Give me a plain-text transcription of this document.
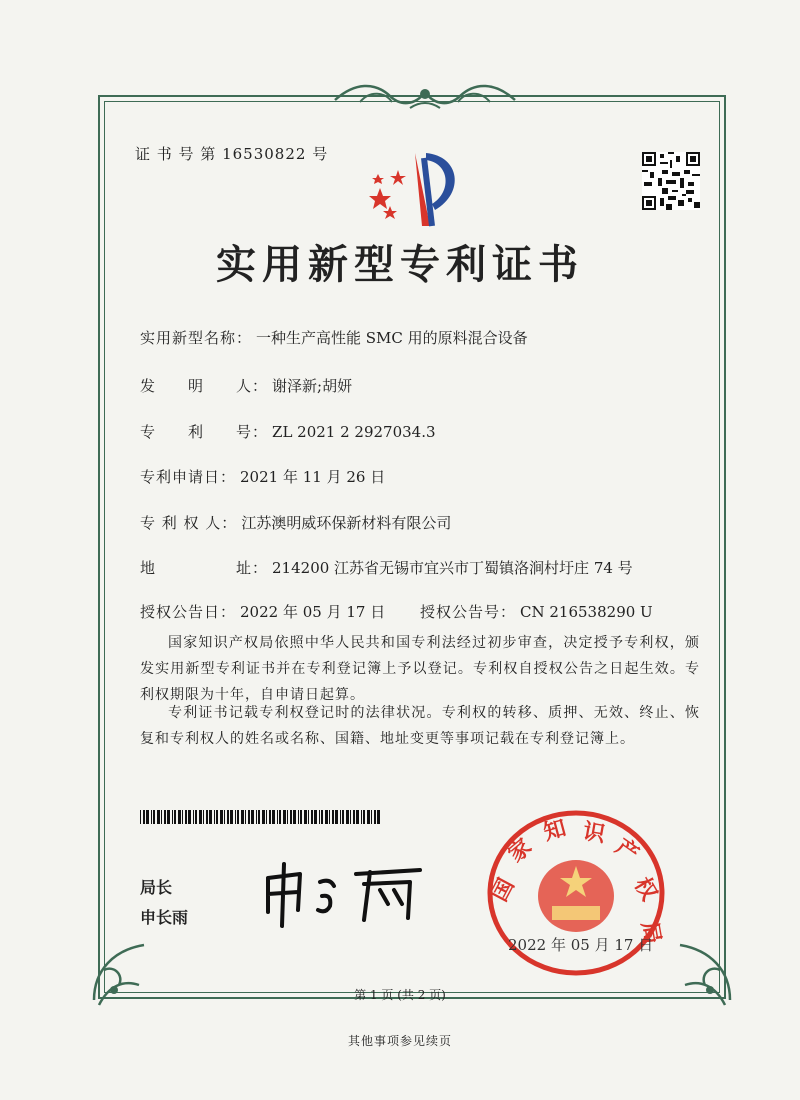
证 书 号 第 16530822 号
实用新型专利证书
实用新型名称： 一种生产高性能 SMC 用的原料混合设备
发　　明　　人： 谢泽新;胡妍
专　　利　　号： ZL 2021 2 2927034.3
专利申请日： 2021 年 11 月 26 日
专 利 权 人： 江苏澳明威环保新材料有限公司
地　　　　　址： 214200 江苏省无锡市宜兴市丁蜀镇洛涧村圩庄 74 号
授权公告日： 2022 年 05 月 17 日 授权公告号： CN 216538290 U
国家知识产权局依照中华人民共和国专利法经过初步审查，决定授予专利权，颁发实用新型专利证书并在专利登记簿上予以登记。专利权自授权公告之日起生效。专利权期限为十年，自申请日起算。
专利证书记载专利权登记时的法律状况。专利权的转移、质押、无效、终止、恢复和专利权人的姓名或名称、国籍、地址变更等事项记载在专利登记簿上。
局长
申长雨
国
家
知 识
产
权
局
2022 年 05 月 17 日
第 1 页 (共 2 页)
其他事项参见续页
